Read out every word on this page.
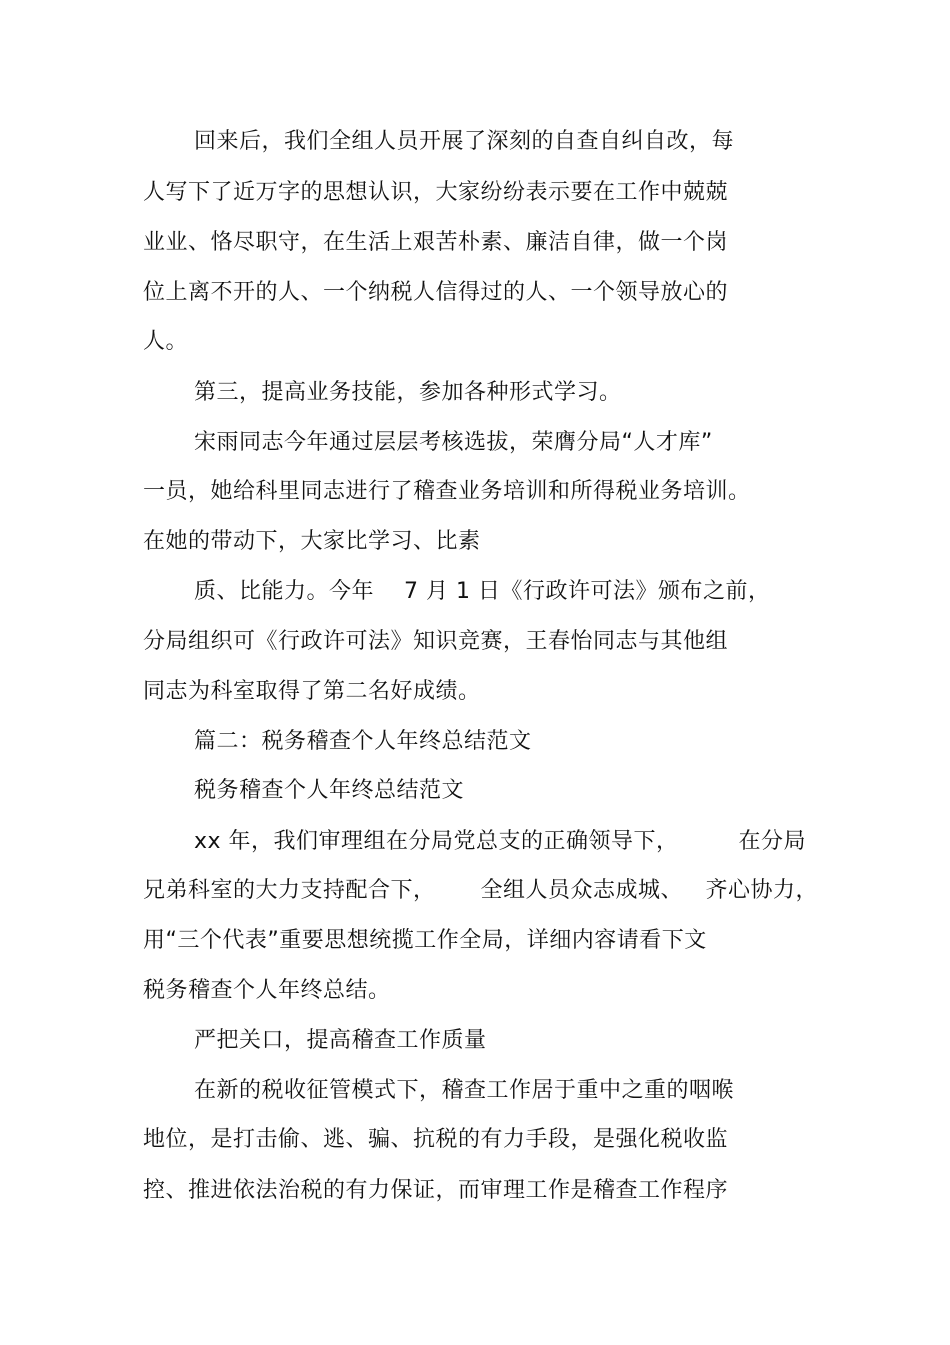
回来后，我们全组人员开展了深刻的自查自纠自改，每
人写下了近万字的思想认识，大家纷纷表示要在工作中兢兢
业业、恪尽职守，在生活上艰苦朴素、廉洁自律，做一个岗
位上离不开的人、一个纳税人信得过的人、一个领导放心的
人。
第三，提高业务技能，参加各种形式学习。
宋雨同志今年通过层层考核选拔，荣膺分局“人才库”
一员，她给科里同志进行了稽查业务培训和所得税业务培训。
在她的带动下，大家比学习、比素
质、比能力。今年    7 月 1 日《行政许可法》颁布之前，
分局组织可《行政许可法》知识竞赛，王春怡同志与其他组
同志为科室取得了第二名好成绩。
篇二：税务稽查个人年终总结范文
税务稽查个人年终总结范文
xx 年，我们审理组在分局党总支的正确领导下，        在分局
兄弟科室的大力支持配合下，      全组人员众志成城、   齐心协力，
用“三个代表”重要思想统揽工作全局，详细内容请看下文
税务稽查个人年终总结。
严把关口，提高稽查工作质量
在新的税收征管模式下，稽查工作居于重中之重的咽喉
地位，是打击偷、逃、骗、抗税的有力手段，是强化税收监
控、推进依法治税的有力保证，而审理工作是稽查工作程序
